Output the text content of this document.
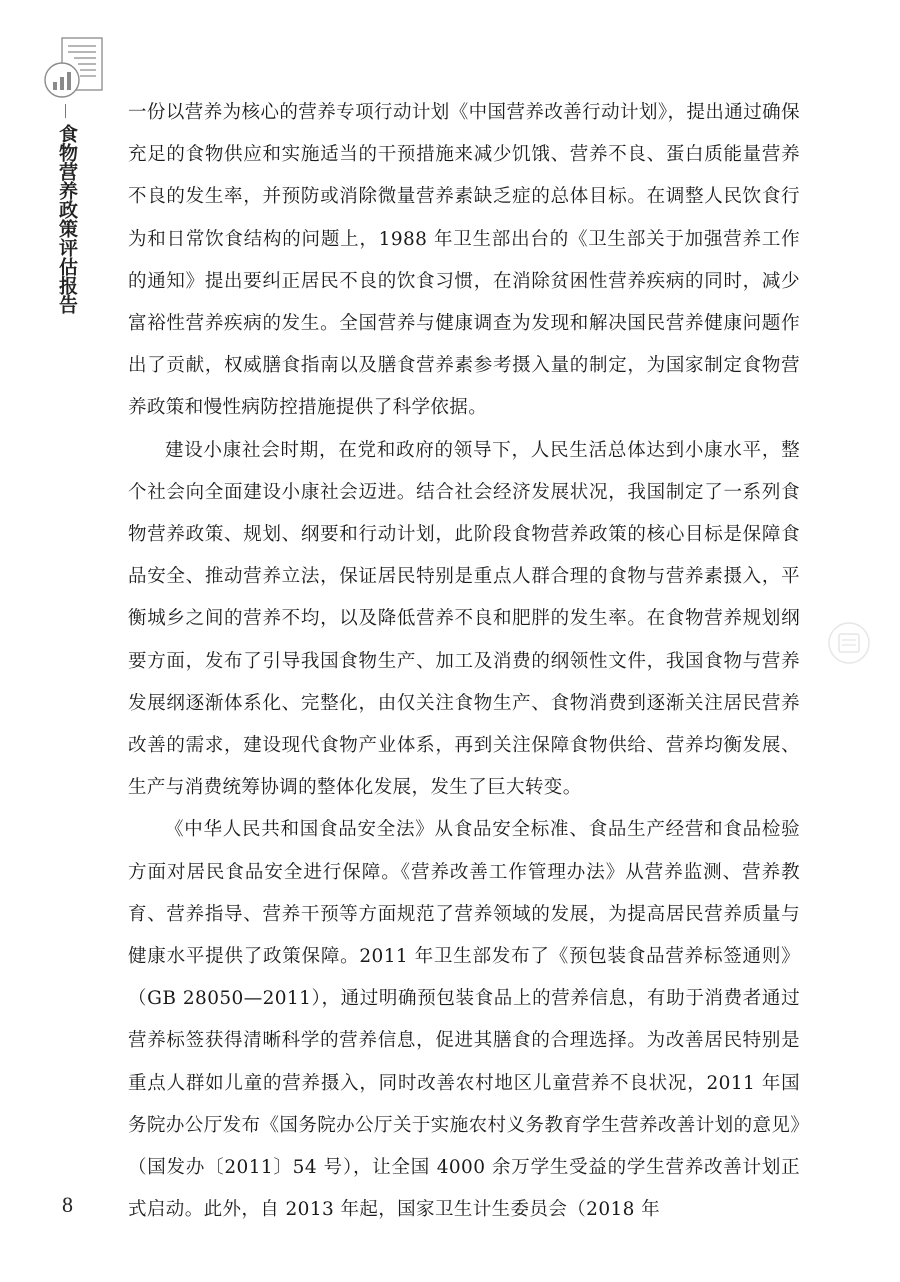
食物营养政策评估报告

一份以营养为核心的营养专项行动计划《中国营养改善行动计划》，提出通过确保充足的食物供应和实施适当的干预措施来减少饥饿、营养不良、蛋白质能量营养不良的发生率，并预防或消除微量营养素缺乏症的总体目标。在调整人民饮食行为和日常饮食结构的问题上，1988 年卫生部出台的《卫生部关于加强营养工作的通知》提出要纠正居民不良的饮食习惯，在消除贫困性营养疾病的同时，减少富裕性营养疾病的发生。全国营养与健康调查为发现和解决国民营养健康问题作出了贡献，权威膳食指南以及膳食营养素参考摄入量的制定，为国家制定食物营养政策和慢性病防控措施提供了科学依据。

建设小康社会时期，在党和政府的领导下，人民生活总体达到小康水平，整个社会向全面建设小康社会迈进。结合社会经济发展状况，我国制定了一系列食物营养政策、规划、纲要和行动计划，此阶段食物营养政策的核心目标是保障食品安全、推动营养立法，保证居民特别是重点人群合理的食物与营养素摄入，平衡城乡之间的营养不均，以及降低营养不良和肥胖的发生率。在食物营养规划纲要方面，发布了引导我国食物生产、加工及消费的纲领性文件，我国食物与营养发展纲逐渐体系化、完整化，由仅关注食物生产、食物消费到逐渐关注居民营养改善的需求，建设现代食物产业体系，再到关注保障食物供给、营养均衡发展、生产与消费统筹协调的整体化发展，发生了巨大转变。

《中华人民共和国食品安全法》从食品安全标准、食品生产经营和食品检验方面对居民食品安全进行保障。《营养改善工作管理办法》从营养监测、营养教育、营养指导、营养干预等方面规范了营养领域的发展，为提高居民营养质量与健康水平提供了政策保障。2011 年卫生部发布了《预包装食品营养标签通则》（GB 28050—2011），通过明确预包装食品上的营养信息，有助于消费者通过营养标签获得清晰科学的营养信息，促进其膳食的合理选择。为改善居民特别是重点人群如儿童的营养摄入，同时改善农村地区儿童营养不良状况，2011 年国务院办公厅发布《国务院办公厅关于实施农村义务教育学生营养改善计划的意见》（国发办〔2011〕54 号），让全国 4000 余万学生受益的学生营养改善计划正式启动。此外，自 2013 年起，国家卫生计生委员会（2018 年

8
